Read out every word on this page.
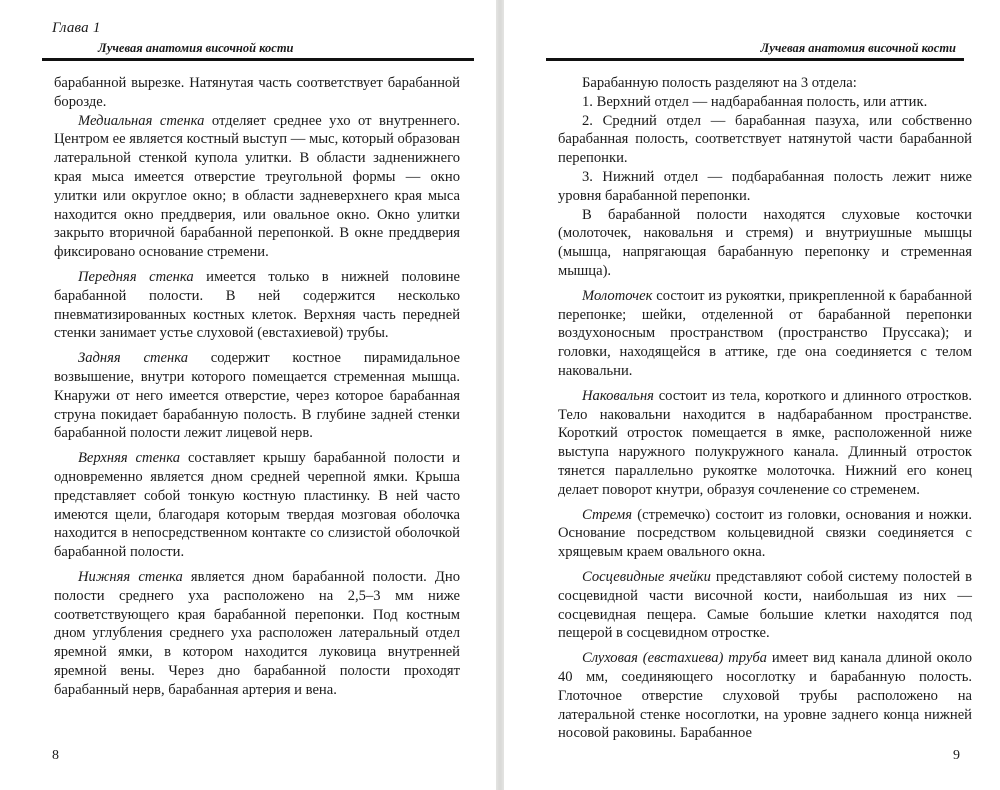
Глава 1
Лучевая анатомия височной кости

барабанной вырезке. Натянутая часть соответствует барабанной борозде.

Медиальная стенка отделяет среднее ухо от внутреннего. Центром ее является костный выступ — мыс, который образован латеральной стенкой купола улитки. В области задненижнего края мыса имеется отверстие треугольной формы — окно улитки или округлое окно; в области задневерхнего края мыса находится окно преддверия, или овальное окно. Окно улитки закрыто вторичной барабанной перепонкой. В окне преддверия фиксировано основание стремени.

Передняя стенка имеется только в нижней половине барабанной полости. В ней содержится несколько пневматизированных костных клеток. Верхняя часть передней стенки занимает устье слуховой (евстахиевой) трубы.

Задняя стенка содержит костное пирамидальное возвышение, внутри которого помещается стременная мышца. Кнаружи от него имеется отверстие, через которое барабанная струна покидает барабанную полость. В глубине задней стенки барабанной полости лежит лицевой нерв.

Верхняя стенка составляет крышу барабанной полости и одновременно является дном средней черепной ямки. Крыша представляет собой тонкую костную пластинку. В ней часто имеются щели, благодаря которым твердая мозговая оболочка находится в непосредственном контакте со слизистой оболочкой барабанной полости.

Нижняя стенка является дном барабанной полости. Дно полости среднего уха расположено на 2,5–3 мм ниже соответствующего края барабанной перепонки. Под костным дном углубления среднего уха расположен латеральный отдел яремной ямки, в котором находится луковица внутренней яремной вены. Через дно барабанной полости проходят барабанный нерв, барабанная артерия и вена.

8
Лучевая анатомия височной кости

Барабанную полость разделяют на 3 отдела:

1. Верхний отдел — надбарабанная полость, или аттик.

2. Средний отдел — барабанная пазуха, или собственно барабанная полость, соответствует натянутой части барабанной перепонки.

3. Нижний отдел — подбарабанная полость лежит ниже уровня барабанной перепонки.

В барабанной полости находятся слуховые косточки (молоточек, наковальня и стремя) и внутриушные мышцы (мышца, напрягающая барабанную перепонку и стременная мышца).

Молоточек состоит из рукоятки, прикрепленной к барабанной перепонке; шейки, отделенной от барабанной перепонки воздухоносным пространством (пространство Пруссака); и головки, находящейся в аттике, где она соединяется с телом наковальни.

Наковальня состоит из тела, короткого и длинного отростков. Тело наковальни находится в надбарабанном пространстве. Короткий отросток помещается в ямке, расположенной ниже выступа наружного полукружного канала. Длинный отросток тянется параллельно рукоятке молоточка. Нижний его конец делает поворот кнутри, образуя сочленение со стременем.

Стремя (стремечко) состоит из головки, основания и ножки. Основание посредством кольцевидной связки соединяется с хрящевым краем овального окна.

Сосцевидные ячейки представляют собой систему полостей в сосцевидной части височной кости, наибольшая из них — сосцевидная пещера. Самые большие клетки находятся под пещерой в сосцевидном отростке.

Слуховая (евстахиева) труба имеет вид канала длиной около 40 мм, соединяющего носоглотку и барабанную полость. Глоточное отверстие слуховой трубы расположено на латеральной стенке носоглотки, на уровне заднего конца нижней носовой раковины. Барабанное

9
